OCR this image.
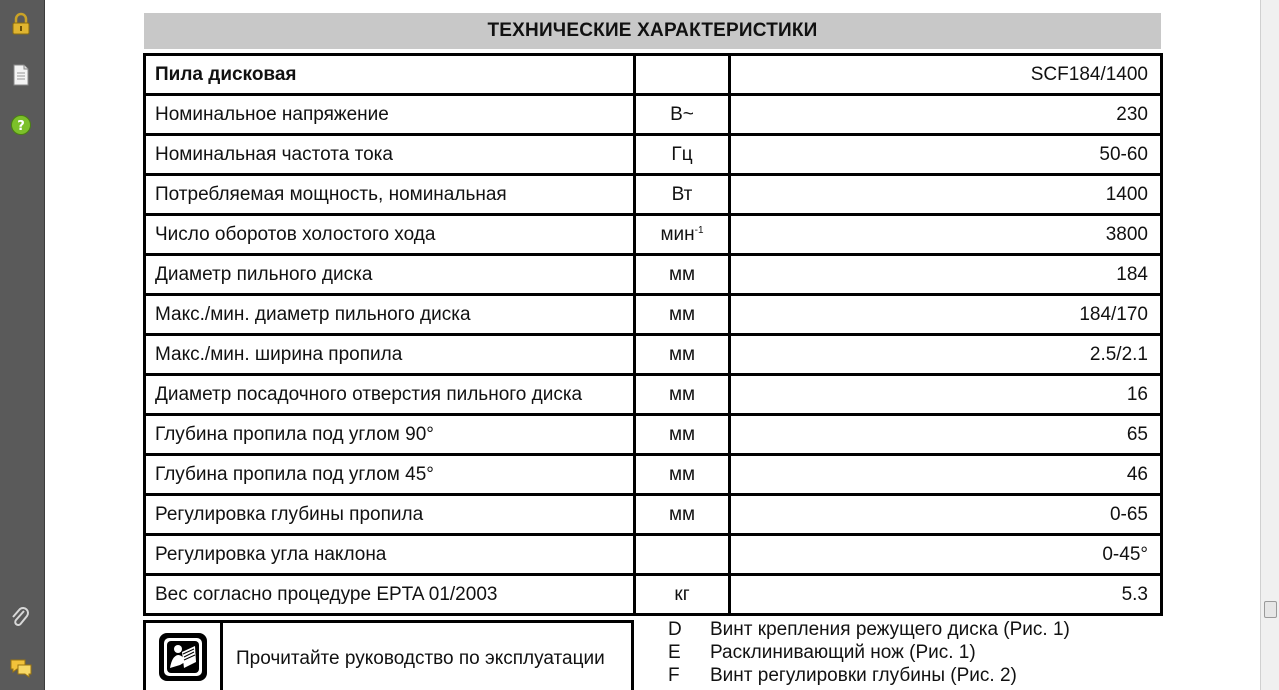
?
ТЕХНИЧЕСКИЕ ХАРАКТЕРИСТИКИ
Пила дисковая		SCF184/1400
Номинальное напряжение	В~	230
Номинальная частота тока	Гц	50-60
Потребляемая мощность, номинальная	Вт	1400
Число оборотов холостого хода	мин$^{-1}$	3800
Диаметр пильного диска	мм	184
Макс./мин. диаметр пильного диска	мм	184/170
Макс./мин. ширина пропила	мм	2.5/2.1
Диаметр посадочного отверстия пильного диска	мм	16
Глубина пропила под углом 90°	мм	65
Глубина пропила под углом 45°	мм	46
Регулировка глубины пропила	мм	0-65
Регулировка угла наклона		0-45°
Вес согласно процедуре EPTA 01/2003	кг	5.3
Прочитайте руководство по эксплуатации
D	Винт крепления режущего диска (Рис. 1)
E	Расклинивающий нож (Рис. 1)
F	Винт регулировки глубины (Рис. 2)
